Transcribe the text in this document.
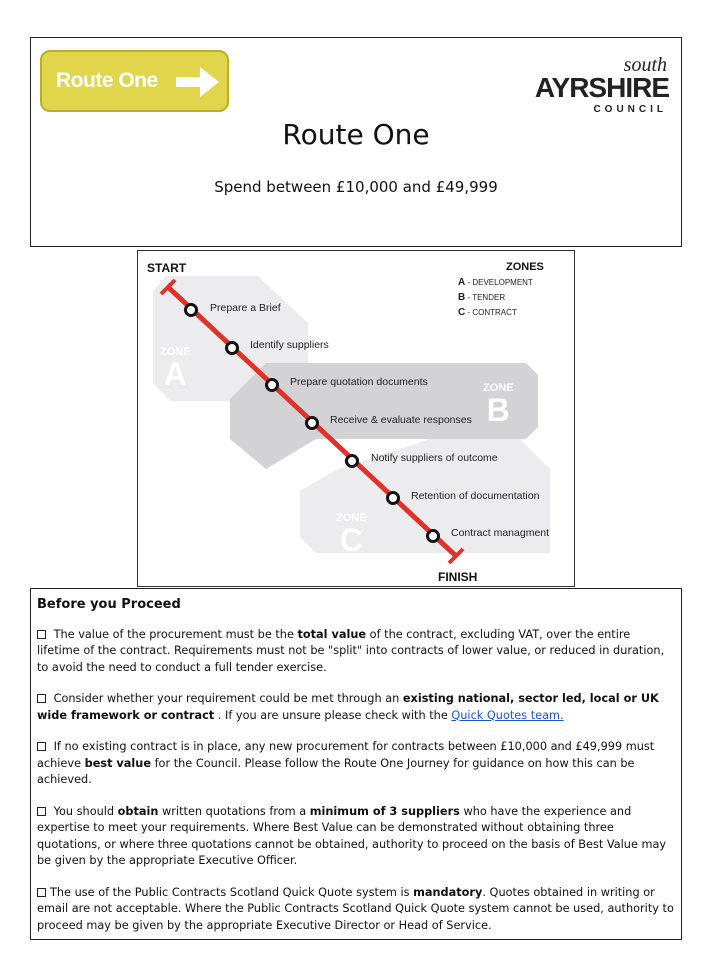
Route One
south
AYRSHIRE
COUNCIL
Route One
Spend between £10,000 and £49,999
START
FINISH
ZONES
A - DEVELOPMENT
B - TENDER
C - CONTRACT
ZONE
A	ZONE
B
ZONE
C
Prepare a Brief
Identify suppliers
Prepare quotation documents
Receive & evaluate responses
Notify suppliers of outcome
Retention of documentation
Contract managment

Before you Proceed

The value of the procurement must be the total value of the contract, excluding VAT, over the entire lifetime of the contract. Requirements must not be "split" into contracts of lower value, or reduced in duration, to avoid the need to conduct a full tender exercise.

Consider whether your requirement could be met through an existing national, sector led, local or UK wide framework or contract . If you are unsure please check with the Quick Quotes team.

If no existing contract is in place, any new procurement for contracts between £10,000 and £49,999 must achieve best value for the Council. Please follow the Route One Journey for guidance on how this can be achieved.

You should obtain written quotations from a minimum of 3 suppliers who have the experience and expertise to meet your requirements. Where Best Value can be demonstrated without obtaining three quotations, or where three quotations cannot be obtained, authority to proceed on the basis of Best Value may be given by the appropriate Executive Officer.

The use of the Public Contracts Scotland Quick Quote system is mandatory. Quotes obtained in writing or email are not acceptable. Where the Public Contracts Scotland Quick Quote system cannot be used, authority to proceed may be given by the appropriate Executive Director or Head of Service.
